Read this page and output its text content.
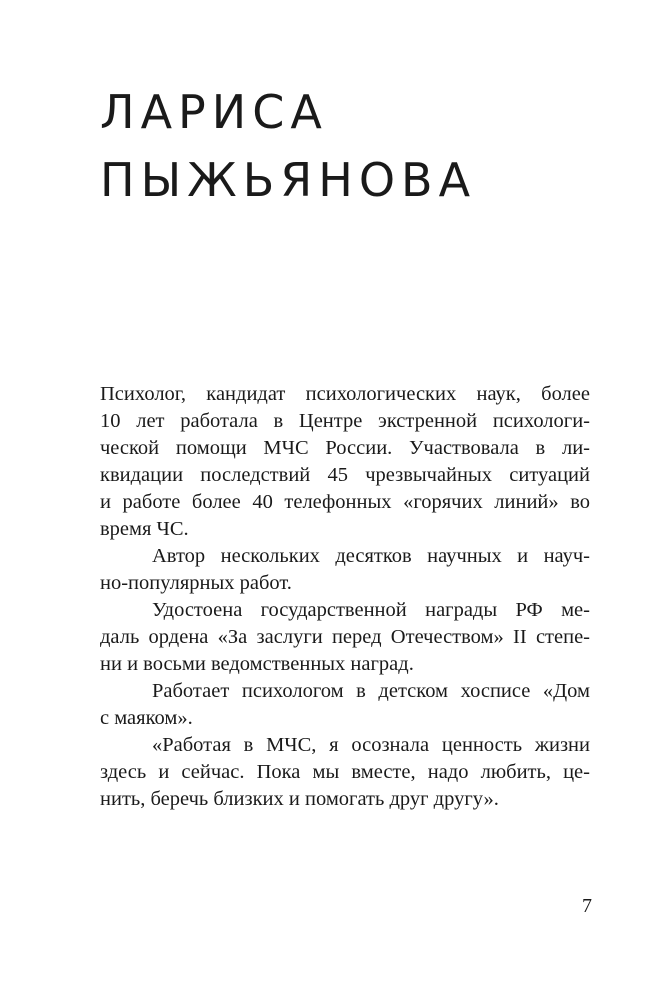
ЛАРИСА
ПЫЖЬЯНОВА
Психолог, кандидат психологических наук, более
10 лет работала в Центре экстренной психологи-
ческой помощи МЧС России. Участвовала в ли-
квидации последствий 45 чрезвычайных ситуаций
и работе более 40 телефонных «горячих линий» во
время ЧС.
Автор нескольких десятков научных и науч-
но-популярных работ.
Удостоена государственной награды РФ ме-
даль ордена «За заслуги перед Отечеством» II степе-
ни и восьми ведомственных наград.
Работает психологом в детском хосписе «Дом
с маяком».
«Работая в МЧС, я осознала ценность жизни
здесь и сейчас. Пока мы вместе, надо любить, це-
нить, беречь близких и помогать друг другу».
7
